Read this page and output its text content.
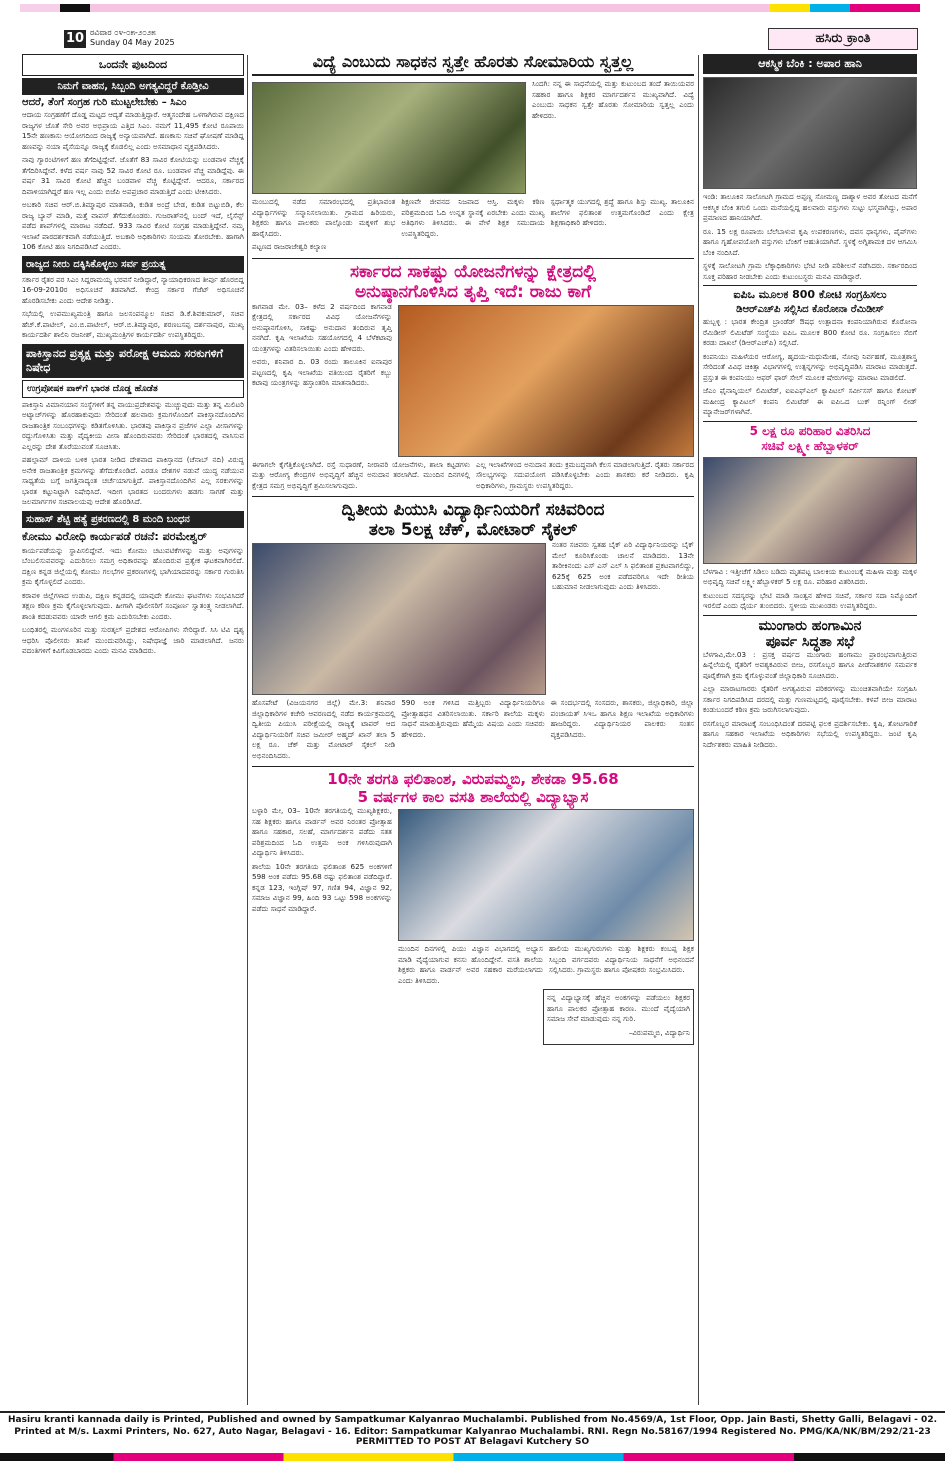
10 ರವಿವಾರ ೦೪-೦೫-೨೦೨೫
Sunday 04 May 2025	ಹಸಿರು ಕ್ರಾಂತಿ
ಒಂದನೇ ಪುಟದಿಂದ
ನಿಮಗೆ ವಾಹನ, ಸಿಬ್ಬಂದಿ ಅಗತ್ಯವಿದ್ದರೆ ಕೊಡ್ತೀವಿ
ಆದರೆ, ತೆಂಗೆ ಸಂಗ್ರಹ ಗುರಿ ಮುಟ್ಟಲೇಬೇಕು – ಸಿಎಂ

ಆದಾಯ ಸಂಗ್ರಹಣೆಗೆ ದೊಡ್ಡ ಮಟ್ಟದ ಆದ್ಯತೆ ಮಾಡುತ್ತಿದ್ದಾರೆ. ಆತ್ಮಸಂದೇಹ ಒಳಗಾಗಿರುವ ದಕ್ಷಿಣದ ರಾಜ್ಯಗಳ ಜೊತೆ ಸೇರಿ ಅವರ ಅಭಿಪ್ರಾಯ ಎತ್ತಿದ ಸಿಎಂ. ನಮಗೆ 11,495 ಕೋಟಿ ರೂಪಾಯಿ 15ನೇ ಹಣಕಾಸು ಆಯೋಗದಿಂದ ರಾಜ್ಯಕ್ಕೆ ಅನ್ಯಾಯವಾಗಿದೆ. ಹಣಕಾಸು ಸಚಿವೆ ಘೋಷಣೆ ಮಾಡಿದ್ದ ಹಣವನ್ನು ನಯಾ ಪೈಸೆಯನ್ನೂ ರಾಜ್ಯಕ್ಕೆ ಕೊಡಲಿಲ್ಲ ಎಂದು ಅಸಮಾಧಾನ ವ್ಯಕ್ತಪಡಿಸಿದರು.

ನಾವು ಗ್ಯಾರಂಟಿಗಳಿಗೆ ಹಣ ತೆಗೆದಿಟ್ಟಿದ್ದೇವೆ. ಜೊತೆಗೆ 83 ಸಾವಿರ ಕೋಟಿಯನ್ನು ಬಂಡವಾಳ ವೆಚ್ಚಕ್ಕೆ ತೆಗೆದಿರಿಸಿದ್ದೇವೆ. ಕಳೆದ ವರ್ಷ ನಾವು 52 ಸಾವಿರ ಕೋಟಿ ರೂ. ಬಂಡವಾಳ ವೆಚ್ಚ ಮಾಡಿದ್ದೆವು. ಈ ವರ್ಷ 31 ಸಾವಿರ ಕೋಟಿ ಹೆಚ್ಚಿನ ಬಂಡವಾಳ ವೆಚ್ಚ ಕೊಟ್ಟಿದ್ದೇವೆ. ಆದರೂ, ಸರ್ಕಾರದ ದಿವಾಳಿಯಾಗಿದ್ದರೆ ಹಣ ಇಲ್ಲ ಎಂದು ಬಿಜೆಪಿ ಅಪಪ್ರಚಾರ ಮಾಡುತ್ತಿದೆ ಎಂದು ಟೀಕಿಸಿದರು.

ಅಬಕಾರಿ ಸಚಿವ ಆರ್.ಬಿ.ತಿಮ್ಮಾಪುರ ಮಾತನಾಡಿ, ಕುಡಿತ ಅಂದ್ರೆ ಬೇಡ, ಕುಡಿತ ಬಿಟ್ಟುಬಿಡಿ, ಕೆಲ ರಾಜ್ಯ ಬ್ಯಾನ್ ಮಾಡಿ, ಮತ್ತೆ ವಾಪಸ್ ತೆಗೆದುಕೊಂಡರು. ಗುಜರಾತ್‌ನಲ್ಲಿ ಬಂದ್ ಇದೆ, ಲೈಸೆನ್ಸ್ ಪಡೆದ ಶಾಪ್‌ಗಳಲ್ಲಿ ಮಾರಾಟ ನಡೆದಿದೆ. 933 ಸಾವಿರ ಕೋಟಿ ಸಂಗ್ರಹ ಮಾಡುತ್ತಿದ್ದೇವೆ. ನಮ್ಮ ಇಲಾಖೆ ಪಾರದರ್ಶಕವಾಗಿ ನಡೆಯುತ್ತಿದೆ. ಅಬಕಾರಿ ಅಧಿಕಾರಿಗಳು ಸಂಯಮ ತೋರಬೇಕು. ಹಾಗಾಗಿ 106 ಕೋಟಿ ಹಣ ನಿಗದಿಪಡಿಸಿದೆ ಎಂದರು.

ರಾಜ್ಯದ ನೀರು ದಕ್ಕಿಸಿಕೊಳ್ಳಲು ಸರ್ವ ಪ್ರಯತ್ನ

ಸರ್ಕಾರ ರೈತರ ಪರ ಸಿಎಂ ಸಿದ್ದರಾಮಯ್ಯ ಭರವಸೆ ನೀಡಿದ್ದಾರೆ, ನ್ಯಾಯಾಧಿಕರಣದ ತೀರ್ಪು ಹೊರಬಿದ್ದ 16-09-2010ರ ಅಧಿಸೂಚನೆ ತಡವಾಗಿದೆ. ಕೇಂದ್ರ ಸರ್ಕಾರ ಗೆಜೆಟ್ ಅಧಿಸೂಚನೆ ಹೊರಡಿಸಬೇಕು ಎಂದು ಆದೇಶ ನೀಡಿತ್ತು.

ಸಭೆಯಲ್ಲಿ ಉಪಮುಖ್ಯಮಂತ್ರಿ ಹಾಗೂ ಜಲಸಂಪನ್ಮೂಲ ಸಚಿವ ಡಿ.ಕೆ.ಶಿವಕುಮಾರ್, ಸಚಿವ ಹೆಚ್.ಕೆ.ಪಾಟೀಲ್, ಎಂ.ಬಿ.ಪಾಟೀಲ್, ಆರ್.ಬಿ.ತಿಮ್ಮಾಪುರ, ಶರಣಬಸಪ್ಪ ದರ್ಶನಾಪುರ, ಮುಖ್ಯ ಕಾರ್ಯದರ್ಶಿ ಶಾಲಿನಿ ರಜನೀಶ್, ಮುಖ್ಯಮಂತ್ರಿಗಳ ಕಾರ್ಯದರ್ಶಿ ಉಪಸ್ಥಿತರಿದ್ದರು.

ಪಾಕಿಸ್ತಾನದ ಪ್ರತ್ಯಕ್ಷ ಮತ್ತು ಪರೋಕ್ಷ ಆಮದು ಸರಕುಗಳಿಗೆ ನಿಷೇಧ
ಉಗ್ರಪೋಷಕ ಪಾಕ್‌ಗೆ ಭಾರತ ದೊಡ್ಡ ಹೊಡೆತ

ಪಾಕಿಸ್ತಾನಿ ವಿಮಾನಯಾನ ಸಂಸ್ಥೆಗಳಿಗೆ ತನ್ನ ವಾಯುಪ್ರದೇಶವನ್ನು ಮುಚ್ಚುವುದು ಮತ್ತು ತನ್ನ ಮಿಲಿಟರಿ ಅಟ್ಯಾಚ್‌ಗಳನ್ನು ಹೊರಹಾಕುವುದು ಸೇರಿದಂತೆ ಹಲವಾರು ಕ್ರಮಗಳೊಂದಿಗೆ ಪಾಕಿಸ್ತಾನದೊಂದಿಗಿನ ರಾಜತಾಂತ್ರಿಕ ಸಂಬಂಧಗಳನ್ನು ಕಡಿತಗೊಳಿಸಿತು. ಭಾರತವು ಪಾಕಿಸ್ತಾನ ಪ್ರಜೆಗಳ ಎಲ್ಲಾ ವೀಸಾಗಳನ್ನು ರದ್ದುಗೊಳಿಸಿತು ಮತ್ತು ವೈದ್ಯಕೀಯ ವೀಸಾ ಹೊಂದಿರುವವರು ಸೇರಿದಂತೆ ಭಾರತದಲ್ಲಿ ವಾಸಿಸುವ ಎಲ್ಲರನ್ನು ದೇಶ ತೊರೆಯುವಂತೆ ಸೂಚಿಸಿತು.

ಪಹಲ್ಗಾಮ್ ದಾಳಿಯ ಬಳಿಕ ಭಾರತ ನೀಡಿದ ದೇಶವಾದ ಪಾಕಿಸ್ತಾನದ (ಚೆನಾಬ್ ನದಿ) ವಿರುದ್ಧ ಅನೇಕ ರಾಜತಾಂತ್ರಿಕ ಕ್ರಮಗಳನ್ನು ತೆಗೆದುಕೊಂಡಿದೆ. ಎರಡೂ ದೇಶಗಳ ನಡುವೆ ಯುದ್ಧ ನಡೆಯುವ ಸಾಧ್ಯತೆಯ ಬಗ್ಗೆ ಜಗತ್ತಿನಾದ್ಯಂತ ಚರ್ಚೆಯಾಗುತ್ತಿದೆ. ಪಾಕಿಸ್ತಾನದೊಂದಿಗಿನ ಎಲ್ಲ ಸರಕುಗಳನ್ನು ಭಾರತ ಕಟ್ಟುನಿಟ್ಟಾಗಿ ನಿಷೇಧಿಸಿದೆ. ಇದೀಗ ಭಾರತದ ಬಂದರುಗಳು ಹಡಗು ಸಾಗಣೆ ಮತ್ತು ಜಲಮಾರ್ಗಗಳ ಸಚಿವಾಲಯವು ಆದೇಶ ಹೊರಡಿಸಿದೆ.

ಸುಹಾಸ್ ಶೆಟ್ಟಿ ಹತ್ಯೆ ಪ್ರಕರಣದಲ್ಲಿ 8 ಮಂದಿ ಬಂಧನ
ಕೋಮು ವಿರೋಧಿ ಕಾರ್ಯಪಡೆ ರಚನೆ: ಪರಮೇಶ್ವರ್

ಕಾರ್ಯಪಡೆಯನ್ನು ಸ್ಥಾಪಿಸಲಿದ್ದೇವೆ. ಇದು ಕೋಮು ಚಟುವಟಿಕೆಗಳನ್ನು ಮತ್ತು ಅವುಗಳನ್ನು ಬೆಂಬಲಿಸುವವರನ್ನು ಎದುರಿಸಲು ಸಮಗ್ರ ಅಧಿಕಾರವನ್ನು ಹೊಂದಿರುವ ಪ್ರತ್ಯೇಕ ಘಟಕವಾಗಿರಲಿದೆ. ದಕ್ಷಿಣ ಕನ್ನಡ ಜಿಲ್ಲೆಯಲ್ಲಿ ಕೋಮು ಗಲಭೆಗಳ ಪ್ರಕರಣಗಳಲ್ಲಿ ಭಾಗಿಯಾದವರನ್ನು ಸರ್ಕಾರ ಗುರುತಿಸಿ ಕ್ರಮ ಕೈಗೊಳ್ಳಲಿದೆ ಎಂದರು.

ಕರಾವಳಿ ಜಿಲ್ಲೆಗಳಾದ ಉಡುಪಿ, ದಕ್ಷಿಣ ಕನ್ನಡದಲ್ಲಿ ಯಾವುದೇ ಕೋಮು ಘಟನೆಗಳು ಸಂಭವಿಸಿದರೆ ತಕ್ಷಣ ಕಠಿಣ ಕ್ರಮ ಕೈಗೊಳ್ಳಲಾಗುವುದು. ಹೀಗಾಗಿ ಪೊಲೀಸರಿಗೆ ಸಂಪೂರ್ಣ ಸ್ವಾತಂತ್ರ್ಯ ನೀಡಲಾಗಿದೆ. ಶಾಂತಿ ಕದಡುವವರು ಯಾರೇ ಆಗಲಿ ಕ್ರಮ ಎದುರಿಸಬೇಕು ಎಂದರು.

ಬಂಧಿತರಲ್ಲಿ ಮಂಗಳೂರಿನ ಮತ್ತು ಸುರತ್ಕಲ್ ಪ್ರದೇಶದ ಆರೋಪಿಗಳು ಸೇರಿದ್ದಾರೆ. ಸಿಸಿ ಟಿವಿ ದೃಶ್ಯ ಆಧರಿಸಿ ಪೊಲೀಸರು ತನಿಖೆ ಮುಂದುವರಿಸಿದ್ದು, ನಿಷೇಧಾಜ್ಞೆ ಜಾರಿ ಮಾಡಲಾಗಿದೆ. ಜನರು ವದಂತಿಗಳಿಗೆ ಕಿವಿಗೊಡಬಾರದು ಎಂದು ಮನವಿ ಮಾಡಿದರು.

ವಿದ್ಯೆ ಎಂಬುದು ಸಾಧಕನ ಸ್ವತ್ತೇ ಹೊರತು ಸೋಮಾರಿಯ ಸ್ವತ್ತಲ್ಲ

ಸಿಂದಗಿ: ನನ್ನ ಈ ಸಾಧನೆಯಲ್ಲಿ ಮತ್ತು ಕುಟುಂಬದ ತಂದೆ ತಾಯಿಯವರ ಸಹಕಾರ ಹಾಗೂ ಶಿಕ್ಷಕರ ಮಾರ್ಗದರ್ಶನ ಮುಖ್ಯವಾಗಿದೆ. ವಿದ್ಯೆ ಎಂಬುದು ಸಾಧಕನ ಸ್ವತ್ತೇ ಹೊರತು ಸೋಮಾರಿಯ ಸ್ವತ್ತಲ್ಲ ಎಂದು ಹೇಳಿದರು.

ಮಂಬುದಲ್ಲಿ ನಡೆದ ಸಮಾರಂಭದಲ್ಲಿ ಪ್ರತಿಭಾವಂತ ವಿದ್ಯಾರ್ಥಿಗಳನ್ನು ಸನ್ಮಾನಿಸಲಾಯಿತು. ಗ್ರಾಮದ ಹಿರಿಯರು, ಶಿಕ್ಷಕರು ಹಾಗೂ ಪಾಲಕರು ಪಾಲ್ಗೊಂಡು ಮಕ್ಕಳಿಗೆ ಶುಭ ಹಾರೈಸಿದರು.

ಪಟ್ಟಣದ ರಾಜರಾಜೇಶ್ವರಿ ಕಲ್ಯಾಣ

ಶಿಕ್ಷಣವೇ ಜೀವನದ ನಿಜವಾದ ಆಸ್ತಿ. ಮಕ್ಕಳು ಕಠಿಣ ಪರಿಶ್ರಮದಿಂದ ಓದಿ ಉನ್ನತ ಸ್ಥಾನಕ್ಕೆ ಏರಬೇಕು ಎಂದು ಮುಖ್ಯ ಅತಿಥಿಗಳು ತಿಳಿಸಿದರು. ಈ ವೇಳೆ ಶಿಕ್ಷಕ ಸಮುದಾಯ ಉಪಸ್ಥಿತರಿದ್ದರು.

ಸ್ಪರ್ಧಾತ್ಮಕ ಯುಗದಲ್ಲಿ ಶ್ರದ್ಧೆ ಹಾಗೂ ಶಿಸ್ತು ಮುಖ್ಯ. ತಾಲೂಕಿನ ಶಾಲೆಗಳ ಫಲಿತಾಂಶ ಉತ್ತಮಗೊಂಡಿದೆ ಎಂದು ಕ್ಷೇತ್ರ ಶಿಕ್ಷಣಾಧಿಕಾರಿ ಹೇಳಿದರು.

ಸರ್ಕಾರದ ಸಾಕಷ್ಟು ಯೋಜನೆಗಳನ್ನು ಕ್ಷೇತ್ರದಲ್ಲಿ
ಅನುಷ್ಠಾನಗೊಳಿಸಿದ ತೃಪ್ತಿ ಇದೆ: ರಾಜು ಕಾಗೆ

ಕಾಗವಾಡ ಮೇ. 03– ಕಳೆದ 2 ವರ್ಷದಿಂದ ಕಾಗವಾಡ ಕ್ಷೇತ್ರದಲ್ಲಿ ಸರ್ಕಾರದ ವಿವಿಧ ಯೋಜನೆಗಳನ್ನು ಅನುಷ್ಠಾನಗೊಳಿಸಿ, ಸಾಕಷ್ಟು ಅನುದಾನ ತಂದಿರುವ ತೃಪ್ತಿ ನನಗಿದೆ. ಕೃಷಿ ಇಲಾಖೆಯ ಸಹಯೋಗದಲ್ಲಿ 4 ಬೆಳೆಕಟಾವು ಯಂತ್ರಗಳನ್ನು ವಿತರಿಸಲಾಯಿತು ಎಂದು ಹೇಳಿದರು.

ಅವರು, ಶನಿವಾರ ದಿ. 03 ರಂದು ತಾಲೂಕಿನ ಐನಾಪುರ ಪಟ್ಟಣದಲ್ಲಿ ಕೃಷಿ ಇಲಾಖೆಯ ವತಿಯಿಂದ ರೈತರಿಗೆ ಕಬ್ಬು ಕಟಾವು ಯಂತ್ರಗಳನ್ನು ಹಸ್ತಾಂತರಿಸಿ ಮಾತನಾಡಿದರು.

ಈಗಾಗಲೇ ಕೈಗೆತ್ತಿಕೊಳ್ಳಲಾಗಿದೆ. ರಸ್ತೆ ಸುಧಾರಣೆ, ನೀರಾವರಿ ಯೋಜನೆಗಳು, ಶಾಲಾ ಕಟ್ಟಡಗಳು ಮತ್ತು ಆರೋಗ್ಯ ಕೇಂದ್ರಗಳ ಅಭಿವೃದ್ಧಿಗೆ ಹೆಚ್ಚಿನ ಅನುದಾನ ತರಲಾಗಿದೆ. ಮುಂದಿನ ದಿನಗಳಲ್ಲಿ ಕ್ಷೇತ್ರದ ಸಮಗ್ರ ಅಭಿವೃದ್ಧಿಗೆ ಶ್ರಮಿಸಲಾಗುವುದು.

ಎಲ್ಲ ಇಲಾಖೆಗಳಿಂದ ಅನುದಾನ ತಂದು ಕ್ರಮಬದ್ಧವಾಗಿ ಕೆಲಸ ಮಾಡಲಾಗುತ್ತಿದೆ. ರೈತರು ಸರ್ಕಾರದ ಸೌಲಭ್ಯಗಳನ್ನು ಸದುಪಯೋಗ ಪಡಿಸಿಕೊಳ್ಳಬೇಕು ಎಂದು ಶಾಸಕರು ಕರೆ ನೀಡಿದರು. ಕೃಷಿ ಅಧಿಕಾರಿಗಳು, ಗ್ರಾಮಸ್ಥರು ಉಪಸ್ಥಿತರಿದ್ದರು.

ದ್ವಿತೀಯ ಪಿಯುಸಿ ವಿದ್ಯಾರ್ಥಿನಿಯರಿಗೆ ಸಚಿವರಿಂದ
ತಲಾ 5ಲಕ್ಷ ಚೆಕ್, ಮೋಟಾರ್ ಸೈಕಲ್

ನಂತರ ಸಚಿವರು ಸ್ವತಹ ಬೈಕ್ ಏರಿ ವಿದ್ಯಾರ್ಥಿನಿಯರನ್ನು ಬೈಕ್ ಮೇಲೆ ಕೂರಿಸಿಕೊಂಡು ಚಾಲನೆ ಮಾಡಿದರು. 13ನೇ ತಾರೀಕಿನಂದು ಎಸ್ ಎಸ್ ಎಲ್ ಸಿ ಫಲಿತಾಂಶ ಪ್ರಕಟವಾಗಲಿದ್ದು, 625ಕ್ಕೆ 625 ಅಂಕ ಪಡೆದವರಿಗೂ ಇದೇ ರೀತಿಯ ಬಹುಮಾನ ನೀಡಲಾಗುವುದು ಎಂದು ತಿಳಿಸಿದರು.

ಹೊಸಪೇಟೆ (ವಿಜಯನಗರ ಜಿಲ್ಲೆ) ಮೇ.3: ಶನಿವಾರ ಜಿಲ್ಲಾಧಿಕಾರಿಗಳ ಕಚೇರಿ ಆವರಣದಲ್ಲಿ ನಡೆದ ಕಾರ್ಯಕ್ರಮದಲ್ಲಿ ದ್ವಿತೀಯ ಪಿಯುಸಿ ಪರೀಕ್ಷೆಯಲ್ಲಿ ರಾಜ್ಯಕ್ಕೆ ಟಾಪರ್ ಆದ ವಿದ್ಯಾರ್ಥಿನಿಯರಿಗೆ ಸಚಿವ ಜಮೀರ್ ಅಹ್ಮದ್ ಖಾನ್ ತಲಾ 5 ಲಕ್ಷ ರೂ. ಚೆಕ್ ಮತ್ತು ಮೋಟಾರ್ ಸೈಕಲ್ ನೀಡಿ ಅಭಿನಂದಿಸಿದರು.

590 ಅಂಕ ಗಳಿಸಿದ ಮತ್ತಿಬ್ಬರು ವಿದ್ಯಾರ್ಥಿನಿಯರಿಗೂ ಪ್ರೋತ್ಸಾಹಧನ ವಿತರಿಸಲಾಯಿತು. ಸರ್ಕಾರಿ ಶಾಲೆಯ ಮಕ್ಕಳು ಸಾಧನೆ ಮಾಡುತ್ತಿರುವುದು ಹೆಮ್ಮೆಯ ವಿಷಯ ಎಂದು ಸಚಿವರು ಹೇಳಿದರು.

ಈ ಸಂದರ್ಭದಲ್ಲಿ ಸಂಸದರು, ಶಾಸಕರು, ಜಿಲ್ಲಾಧಿಕಾರಿ, ಜಿಲ್ಲಾ ಪಂಚಾಯತ್ ಸಿಇಒ ಹಾಗೂ ಶಿಕ್ಷಣ ಇಲಾಖೆಯ ಅಧಿಕಾರಿಗಳು ಹಾಜರಿದ್ದರು. ವಿದ್ಯಾರ್ಥಿನಿಯರ ಪಾಲಕರು ಸಂತಸ ವ್ಯಕ್ತಪಡಿಸಿದರು.

10ನೇ ತರಗತಿ ಫಲಿತಾಂಶ, ವಿರುಪಮ್ಮಬಿ, ಶೇಕಡಾ 95.68
5 ವರ್ಷಗಳ ಕಾಲ ವಸತಿ ಶಾಲೆಯಲ್ಲಿ ವಿದ್ಯಾಭ್ಯಾಸ

ಬಳ್ಳಾರಿ ಮೇ, 03– 10ನೇ ತರಗತಿಯಲ್ಲಿ ಮುಖ್ಯಶಿಕ್ಷಕರು, ಸಹ ಶಿಕ್ಷಕರು ಹಾಗೂ ವಾರ್ಡನ್ ಅವರ ನಿರಂತರ ಪ್ರೋತ್ಸಾಹ ಹಾಗೂ ಸಹಕಾರ, ಸಲಹೆ, ಮಾರ್ಗದರ್ಶನ ಪಡೆದು ಸತತ ಪರಿಶ್ರಮದಿಂದ ಓದಿ ಉತ್ತಮ ಅಂಕ ಗಳಿಸಿರುವುದಾಗಿ ವಿದ್ಯಾರ್ಥಿನಿ ತಿಳಿಸಿದರು.

ಶಾಲೆಯ 10ನೇ ತರಗತಿಯ ಫಲಿತಾಂಶ 625 ಅಂಕಗಳಿಗೆ 598 ಅಂಕ ಪಡೆದು 95.68 ರಷ್ಟು ಫಲಿತಾಂಶ ಪಡೆದಿದ್ದಾರೆ. ಕನ್ನಡ 123, ಇಂಗ್ಲಿಷ್ 97, ಗಣಿತ 94, ವಿಜ್ಞಾನ 92, ಸಮಾಜ ವಿಜ್ಞಾನ 99, ಹಿಂದಿ 93 ಒಟ್ಟು 598 ಅಂಕಗಳನ್ನು ಪಡೆದು ಸಾಧನೆ ಮಾಡಿದ್ದಾರೆ.

ಮುಂದಿನ ದಿನಗಳಲ್ಲಿ ಪಿಯು ವಿಜ್ಞಾನ ವಿಭಾಗದಲ್ಲಿ ಅಭ್ಯಾಸ ಮಾಡಿ ವೈದ್ಯೆಯಾಗುವ ಕನಸು ಹೊಂದಿದ್ದೇನೆ. ವಸತಿ ಶಾಲೆಯ ಶಿಕ್ಷಕರು ಹಾಗೂ ವಾರ್ಡನ್ ಅವರ ಸಹಕಾರ ಮರೆಯಲಾಗದು ಎಂದು ತಿಳಿಸಿದರು.

ಹಾಲಿಯ ಮುಖ್ಯಗುರುಗಳು ಮತ್ತು ಶಿಕ್ಷಕರು ಕಂಬಪ್ಪ ಶಿಕ್ಷಕ ಸಿಬ್ಬಂದಿ ವರ್ಗದವರು ವಿದ್ಯಾರ್ಥಿನಿಯ ಸಾಧನೆಗೆ ಅಭಿನಂದನೆ ಸಲ್ಲಿಸಿದರು. ಗ್ರಾಮಸ್ಥರು ಹಾಗೂ ಪೋಷಕರು ಸಂಭ್ರಮಿಸಿದರು.

ನನ್ನ ವಿದ್ಯಾಭ್ಯಾಸಕ್ಕೆ ಹೆಚ್ಚಿನ ಅಂಕಗಳನ್ನು ಪಡೆಯಲು ಶಿಕ್ಷಕರ ಹಾಗೂ ಪಾಲಕರ ಪ್ರೋತ್ಸಾಹ ಕಾರಣ. ಮುಂದೆ ವೈದ್ಯೆಯಾಗಿ ಸಮಾಜ ಸೇವೆ ಮಾಡುವುದು ನನ್ನ ಗುರಿ.

–ವಿರುಪಮ್ಮಬಿ, ವಿದ್ಯಾರ್ಥಿನಿ

ಆಕಸ್ಮಿಕ ಬೆಂಕಿ : ಅಪಾರ ಹಾನಿ

ಇಂಡಿ: ತಾಲೂಕಿನ ಸಾಲೋಟಗಿ ಗ್ರಾಮದ ಅಪ್ಪಣ್ಣ ಸೋಮಣ್ಣ ದಾಶ್ಯಾಳ ಅವರ ತೋಟದ ಮನೆಗೆ ಆಕಸ್ಮಿಕ ಬೆಂಕಿ ತಗುಲಿ ಒಂದು ಮನೆಯಲ್ಲಿದ್ದ ಹಲವಾರು ವಸ್ತುಗಳು ಸುಟ್ಟು ಭಸ್ಮವಾಗಿದ್ದು, ಅಪಾರ ಪ್ರಮಾಣದ ಹಾನಿಯಾಗಿದೆ.

ರೂ. 15 ಲಕ್ಷ ರೂಪಾಯಿ ಬೆಲೆಬಾಳುವ ಕೃಷಿ ಉಪಕರಣಗಳು, ದವಸ ಧಾನ್ಯಗಳು, ಪೈಪ್‌ಗಳು ಹಾಗೂ ಗೃಹೋಪಯೋಗಿ ವಸ್ತುಗಳು ಬೆಂಕಿಗೆ ಆಹುತಿಯಾಗಿವೆ. ಸ್ಥಳಕ್ಕೆ ಅಗ್ನಿಶಾಮಕ ದಳ ಆಗಮಿಸಿ ಬೆಂಕಿ ನಂದಿಸಿದೆ.

ಸ್ಥಳಕ್ಕೆ ಸಾಲೋಟಗಿ ಗ್ರಾಮ ಲೆಕ್ಕಾಧಿಕಾರಿಗಳು ಭೇಟಿ ನೀಡಿ ಪರಿಶೀಲನೆ ನಡೆಸಿದರು. ಸರ್ಕಾರದಿಂದ ಸೂಕ್ತ ಪರಿಹಾರ ನೀಡಬೇಕು ಎಂದು ಕುಟುಂಬಸ್ಥರು ಮನವಿ ಮಾಡಿದ್ದಾರೆ.

ಐಪಿಒ ಮೂಲಕ 800 ಕೋಟಿ ಸಂಗ್ರಹಿಸಲು
ಡಿಆರ್‌ಎಚ್‌ಪಿ ಸಲ್ಲಿಸಿದ ಕೊರೋನಾ ರೆಮಿಡೀಸ್

ಹುಬ್ಬಳ್ಳಿ : ಭಾರತ ಕೇಂದ್ರಿತ ಬ್ರಾಂಡೆಡ್ ಔಷಧ ಉತ್ಪಾದನಾ ಕಂಪನಿಯಾಗಿರುವ ಕೊರೋನಾ ರೆಮಿಡೀಸ್ ಲಿಮಿಟೆಡ್ ಸಂಸ್ಥೆಯು ಐಪಿಒ ಮೂಲಕ 800 ಕೋಟಿ ರೂ. ಸಂಗ್ರಹಿಸಲು ಸೆಬಿಗೆ ಕರಡು ದಾಖಲೆ (ಡಿಆರ್‌ಎಚ್‌ಪಿ) ಸಲ್ಲಿಸಿದೆ.

ಕಂಪನಿಯು ಮಹಿಳೆಯರ ಆರೋಗ್ಯ, ಹೃದಯ-ಮಧುಮೇಹ, ನೋವು ನಿರ್ವಹಣೆ, ಮೂತ್ರಶಾಸ್ತ್ರ ಸೇರಿದಂತೆ ವಿವಿಧ ಚಿಕಿತ್ಸಾ ವಿಭಾಗಗಳಲ್ಲಿ ಉತ್ಪನ್ನಗಳನ್ನು ಅಭಿವೃದ್ಧಿಪಡಿಸಿ ಮಾರಾಟ ಮಾಡುತ್ತದೆ. ಪ್ರಸ್ತುತ ಈ ಕಂಪನಿಯು ಆಫರ್ ಫಾರ್ ಸೇಲ್ ಮೂಲಕ ಷೇರುಗಳನ್ನು ಮಾರಾಟ ಮಾಡಲಿದೆ.

ಜೆಎಂ ಫೈನಾನ್ಶಿಯಲ್ ಲಿಮಿಟೆಡ್, ಐಐಎಫ್‌ಎಲ್ ಕ್ಯಾಪಿಟಲ್ ಸರ್ವೀಸಸ್ ಹಾಗೂ ಕೋಟಕ್ ಮಹೀಂದ್ರ ಕ್ಯಾಪಿಟಲ್ ಕಂಪನಿ ಲಿಮಿಟೆಡ್ ಈ ಐಪಿಒದ ಬುಕ್ ರನ್ನಿಂಗ್ ಲೀಡ್ ಮ್ಯಾನೇಜರ್‌ಗಳಾಗಿವೆ.

5 ಲಕ್ಷ ರೂ ಪರಿಹಾರ ವಿತರಿಸಿದ
ಸಚಿವೆ ಲಕ್ಷ್ಮೀ ಹೆಬ್ಬಾಳಕರ್

ಬೆಳಗಾವಿ : ಇತ್ತೀಚೆಗೆ ಸಿಡಿಲು ಬಡಿದು ಮೃತಪಟ್ಟ ಬಾಲಕಿಯ ಕುಟುಂಬಕ್ಕೆ ಮಹಿಳಾ ಮತ್ತು ಮಕ್ಕಳ ಅಭಿವೃದ್ಧಿ ಸಚಿವೆ ಲಕ್ಷ್ಮೀ ಹೆಬ್ಬಾಳಕರ್ 5 ಲಕ್ಷ ರೂ. ಪರಿಹಾರ ವಿತರಿಸಿದರು.

ಕುಟುಂಬದ ಸದಸ್ಯರನ್ನು ಭೇಟಿ ಮಾಡಿ ಸಾಂತ್ವನ ಹೇಳಿದ ಸಚಿವೆ, ಸರ್ಕಾರ ಸದಾ ನಿಮ್ಮೊಂದಿಗೆ ಇರಲಿದೆ ಎಂದು ಧೈರ್ಯ ತುಂಬಿದರು. ಸ್ಥಳೀಯ ಮುಖಂಡರು ಉಪಸ್ಥಿತರಿದ್ದರು.

ಮುಂಗಾರು ಹಂಗಾಮಿನ
ಪೂರ್ವ ಸಿದ್ಧತಾ ಸಭೆ

ಬೆಳಗಾವಿ,ಮೇ.03 : ಪ್ರಸಕ್ತ ವರ್ಷದ ಮುಂಗಾರು ಹಂಗಾಮು ಪ್ರಾರಂಭವಾಗುತ್ತಿರುವ ಹಿನ್ನೆಲೆಯಲ್ಲಿ ರೈತರಿಗೆ ಅವಶ್ಯಕವಿರುವ ಬೀಜ, ರಸಗೊಬ್ಬರ ಹಾಗೂ ಪೀಡೆನಾಶಕಗಳ ಸಮರ್ಪಕ ಪೂರೈಕೆಗಾಗಿ ಕ್ರಮ ಕೈಗೊಳ್ಳುವಂತೆ ಜಿಲ್ಲಾಧಿಕಾರಿ ಸೂಚಿಸಿದರು.

ಎಲ್ಲಾ ಮಾರಾಟಗಾರರು ರೈತರಿಗೆ ಅಗತ್ಯವಿರುವ ಪರಿಕರಗಳನ್ನು ಮುಂಚಿತವಾಗಿಯೇ ಸಂಗ್ರಹಿಸಿ ಸರ್ಕಾರ ನಿಗದಿಪಡಿಸಿದ ದರದಲ್ಲಿ ಮತ್ತು ಗುಣಮಟ್ಟದಲ್ಲಿ ಪೂರೈಸಬೇಕು. ಕಳಪೆ ಬೀಜ ಮಾರಾಟ ಕಂಡುಬಂದರೆ ಕಠಿಣ ಕ್ರಮ ಜರುಗಿಸಲಾಗುವುದು.

ರಸಗೊಬ್ಬರ ಮಾರಾಟಕ್ಕೆ ಸಂಬಂಧಿಸಿದಂತೆ ದರಪಟ್ಟಿ ಫಲಕ ಪ್ರದರ್ಶಿಸಬೇಕು. ಕೃಷಿ, ತೋಟಗಾರಿಕೆ ಹಾಗೂ ಸಹಕಾರ ಇಲಾಖೆಯ ಅಧಿಕಾರಿಗಳು ಸಭೆಯಲ್ಲಿ ಉಪಸ್ಥಿತರಿದ್ದರು. ಜಂಟಿ ಕೃಷಿ ನಿರ್ದೇಶಕರು ಮಾಹಿತಿ ನೀಡಿದರು.

Hasiru kranti kannada daily is Printed, Published and owned by Sampatkumar Kalyanrao Muchalambi. Published from No.4569/A, 1st Floor, Opp. Jain Basti, Shetty Galli, Belagavi - 02.
Printed at M/s. Laxmi Printers, No. 627, Auto Nagar, Belagavi - 16. Editor: Sampatkumar Kalyanrao Muchalambi. RNI. Regn No.58167/1994 Registered No. PMG/KA/NK/BM/292/21-23 PERMITTED TO POST AT Belagavi Kutchery SO
